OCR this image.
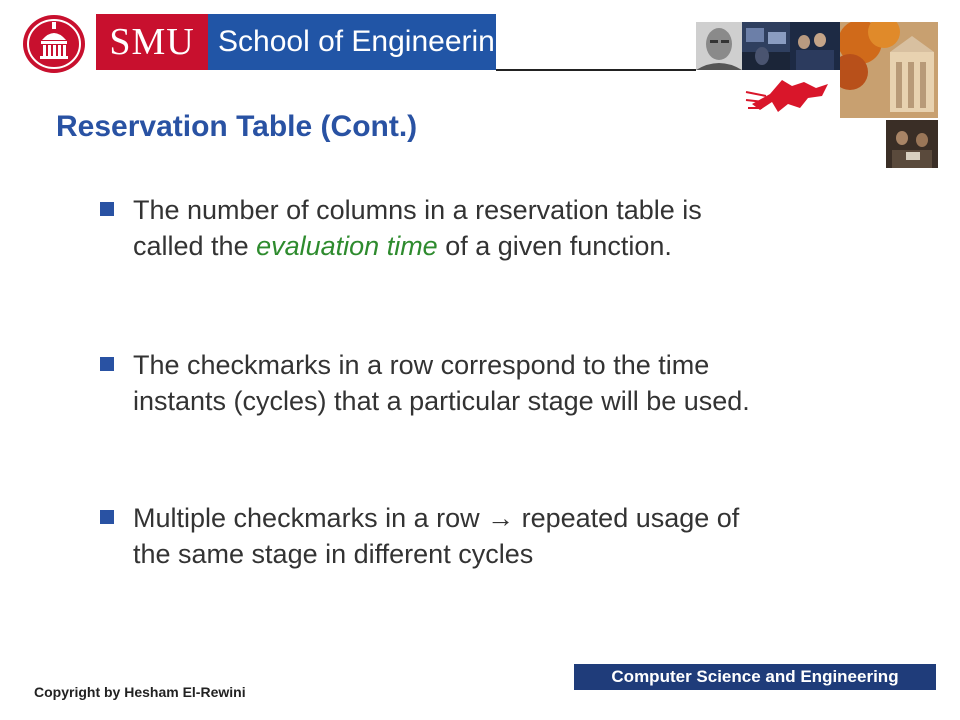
SMU School of Engineering
Reservation Table (Cont.)
The number of columns in a reservation table is called the evaluation time of a given function.
The checkmarks in a row correspond to the time instants (cycles) that a particular stage will be used.
Multiple checkmarks in a row → repeated usage of the same stage in different cycles
Copyright by Hesham El-Rewini
Computer Science and Engineering
